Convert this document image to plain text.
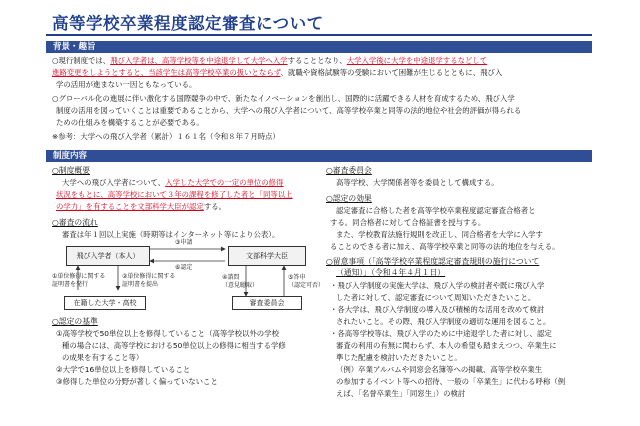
高等学校卒業程度認定審査について
背景・趣旨
○現行制度では、飛び入学者は、高等学校等を中途退学して大学へ入学することとなり、大学入学後に大学を中途退学するなどして
進路変更をしようとすると、当該学生は高等学校卒業の扱いとならず、就職や資格試験等の受験において困難が生じるとともに、飛び入
学の活用が進まない一因ともなっている。
○グローバル化の進展に伴い激化する国際競争の中で、新たなイノベーションを創出し、国際的に活躍できる人材を育成するため、飛び入学
制度の活用を図っていくことは重要であることから、大学への飛び入学者について、高等学校卒業と同等の法的地位や社会的評価が得られる
ための仕組みを構築することが必要である。
※参考：大学への飛び入学者（累計）１６１名（令和８年７月時点）
制度内容
○制度概要
大学への飛び入学者について、入学した大学での一定の単位の修得
状況をもとに、高等学校において３年の課程を修了した者と「同等以上
の学力」を有することを文部科学大臣が認定する。
○審査の流れ
審査は年１回以上実施（時期等はインターネット等により公表）。
飛び入学者（本人）	文部科学大臣
在籍した大学・高校	審査委員会
③申請
⑥認定
①単位修得に関する
証明書を発行
②単位修得に関する
証明書を提出
④諮問
（意見聴取）
⑤答申
（認定可否）
○認定の基準
①高等学校で50単位以上を修得していること（高等学校以外の学校
種の場合には、高等学校における50単位以上の修得に相当する学修
の成果を有すること等）
②大学で16単位以上を修得していること
③修得した単位の分野が著しく偏っていないこと
○審査委員会
高等学校、大学関係者等を委員として構成する。
○認定の効果
認定審査に合格した者を高等学校卒業程度認定審査合格者と
する。同合格者に対して合格証書を授与する。
また、学校教育法施行規則を改正し、同合格者を大学に入学す
ることのできる者に加え、高等学校卒業と同等の法的地位を与える。
○留意事項（「高等学校卒業程度認定審査規則の施行について
（通知）」（令和４年４月１日）
・飛び入学制度の実施大学は、飛び入学の検討者や既に飛び入学
した者に対して、認定審査について周知いただきたいこと。
・各大学は、飛び入学制度の導入及び積極的な活用を改めて検討
されたいこと。その際、飛び入学制度の適切な運用を図ること。
・各高等学校等は、飛び入学のために中途退学した者に対し、認定
審査の利用の有無に関わらず、本人の希望も踏まえつつ、卒業生に
準じた配慮を検討いただきたいこと。
（例）卒業アルバムや同窓会名簿等への掲載、高等学校卒業生
の参加するイベント等への招待、一般の「卒業生」に代わる呼称（例
えば、「名誉卒業生」「同窓生」）の検討
